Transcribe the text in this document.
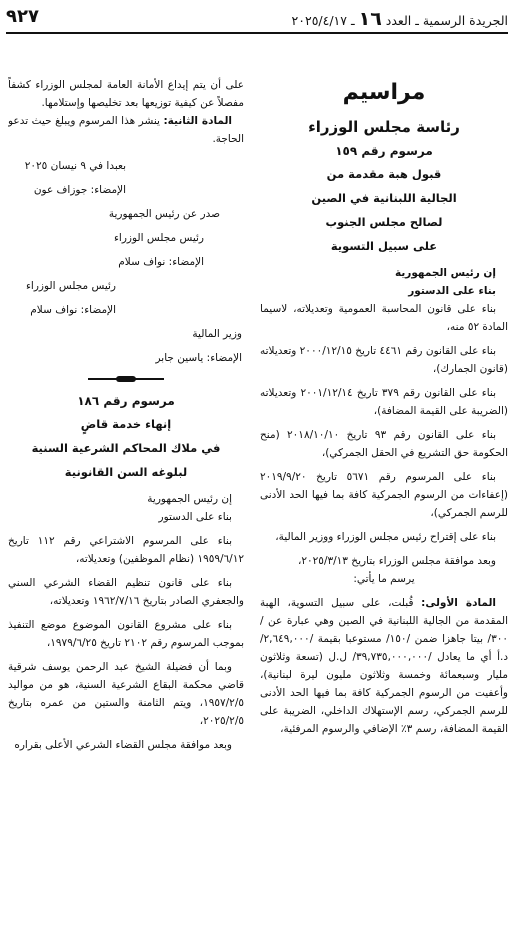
الجريدة الرسمية ـ العدد ١٦ ـ ٢٠٢٥/٤/١٧
٩٢٧
مراسيم
رئاسة مجلس الوزراء
مرسوم رقم ١٥٩
قبول هبة مقدمة من
الجالية اللبنانية في الصين
لصالح مجلس الجنوب
على سبيل التسوية

إن رئيس الجمهورية

بناء على الدستور

بناء على قانون المحاسبة العمومية وتعديلاته، لاسيما المادة ٥٢ منه،

بناء على القانون رقم ٤٤٦١ تاريخ ٢٠٠٠/١٢/١٥ وتعديلاته (قانون الجمارك)،

بناء على القانون رقم ٣٧٩ تاريخ ٢٠٠١/١٢/١٤ وتعديلاته (الضريبة على القيمة المضافة)،

بناء على القانون رقم ٩٣ تاريخ ٢٠١٨/١٠/١٠ (منح الحكومة حق التشريع في الحقل الجمركي)،

بناء على المرسوم رقم ٥٦٧١ تاريخ ٢٠١٩/٩/٢٠ (إعفاءات من الرسوم الجمركية كافة بما فيها الحد الأدنى للرسم الجمركي)،

بناء على إقتراح رئيس مجلس الوزراء ووزير المالية،

وبعد موافقة مجلس الوزراء بتاريخ ٢٠٢٥/٣/١٣،

يرسم ما يأتي:

المادة الأولى: قُبلت، على سبيل التسوية، الهبة المقدمة من الجالية اللبنانية في الصين وهي عبارة عن /٣٠٠/ بيتا جاهزا ضمن /١٥٠/ مستوعبا بقيمة /٢,٦٤٩,٠٠٠/ د.أ أي ما يعادل /٣٩,٧٣٥,٠٠٠,٠٠٠/ ل.ل (تسعة وثلاثون مليار وسبعمائة وخمسة وثلاثون مليون ليرة لبنانية)، وأعفيت من الرسوم الجمركية كافة بما فيها الحد الأدنى للرسم الجمركي، رسم الإستهلاك الداخلي، الضريبة على القيمة المضافة، رسم ٣٪ الإضافي والرسوم المرفئية،

على أن يتم إيداع الأمانة العامة لمجلس الوزراء كشفاً مفصلاً عن كيفية توزيعها بعد تخليصها وإستلامها.

المادة الثانية: ينشر هذا المرسوم ويبلغ حيث تدعو الحاجة.

بعبدا في ٩ نيسان ٢٠٢٥
الإمضاء: جوزاف عون
صدر عن رئيس الجمهورية
رئيس مجلس الوزراء
الإمضاء: نواف سلام
رئيس مجلس الوزراء
الإمضاء: نواف سلام
وزير المالية
الإمضاء: ياسين جابر
مرسوم رقم ١٨٦
إنهاء خدمة قاضٍ
في ملاك المحاكم الشرعية السنية
لبلوغه السن القانونية

إن رئيس الجمهورية

بناء على الدستور

بناء على المرسوم الاشتراعي رقم ١١٢ تاريخ ١٩٥٩/٦/١٢ (نظام الموظفين) وتعديلاته،

بناء على قانون تنظيم القضاء الشرعي السني والجعفري الصادر بتاريخ ١٩٦٢/٧/١٦ وتعديلاته،

بناء على مشروع القانون الموضوع موضع التنفيذ بموجب المرسوم رقم ٢١٠٢ تاريخ ١٩٧٩/٦/٢٥،

وبما أن فضيلة الشيخ عبد الرحمن يوسف شرقية قاضي محكمة البقاع الشرعية السنية، هو من مواليد ١٩٥٧/٢/٥، ويتم الثامنة والستين من عمره بتاريخ ٢٠٢٥/٢/٥،

وبعد موافقة مجلس القضاء الشرعي الأعلى بقراره
